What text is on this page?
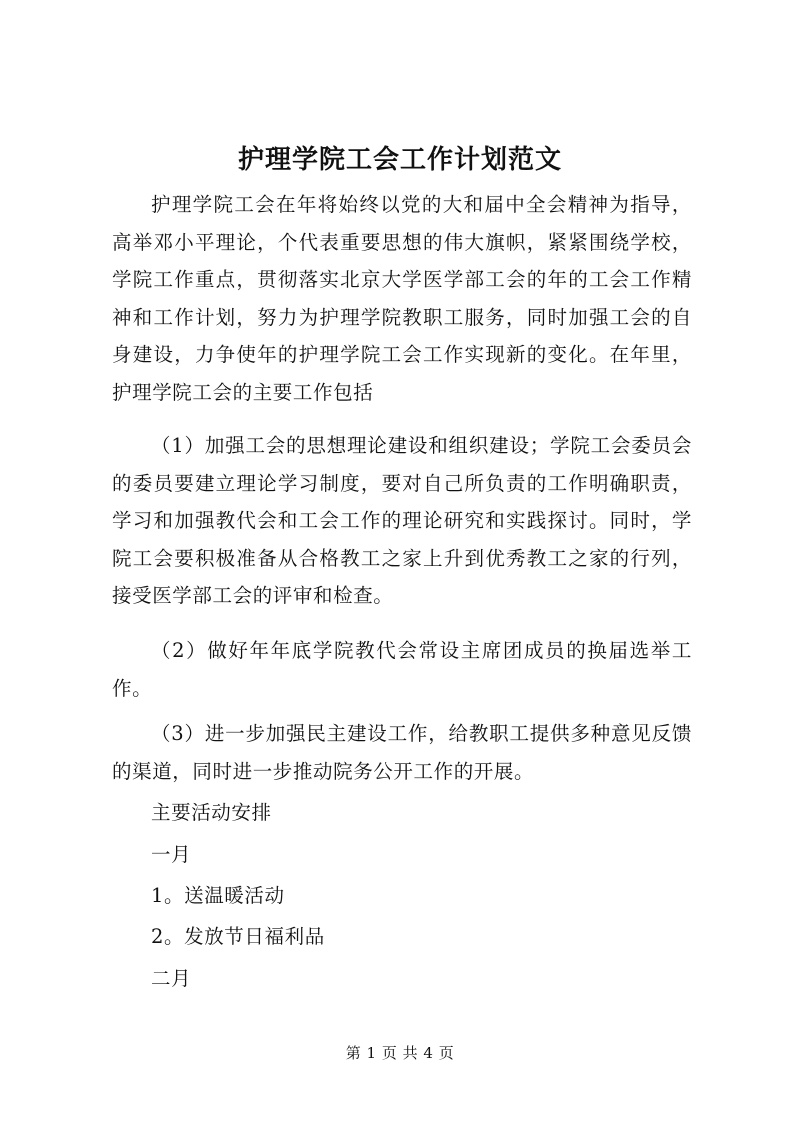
护理学院工会工作计划范文

护理学院工会在年将始终以党的大和届中全会精神为指导，高举邓小平理论，个代表重要思想的伟大旗帜，紧紧围绕学校，学院工作重点，贯彻落实北京大学医学部工会的年的工会工作精神和工作计划，努力为护理学院教职工服务，同时加强工会的自身建设，力争使年的护理学院工会工作实现新的变化。在年里，护理学院工会的主要工作包括

（1）加强工会的思想理论建设和组织建设；学院工会委员会的委员要建立理论学习制度，要对自己所负责的工作明确职责，学习和加强教代会和工会工作的理论研究和实践探讨。同时，学院工会要积极准备从合格教工之家上升到优秀教工之家的行列，接受医学部工会的评审和检查。

（2）做好年年底学院教代会常设主席团成员的换届选举工作。

（3）进一步加强民主建设工作，给教职工提供多种意见反馈的渠道，同时进一步推动院务公开工作的开展。

主要活动安排
一月
1。送温暖活动
2。发放节日福利品
二月
第 1 页 共 4 页
